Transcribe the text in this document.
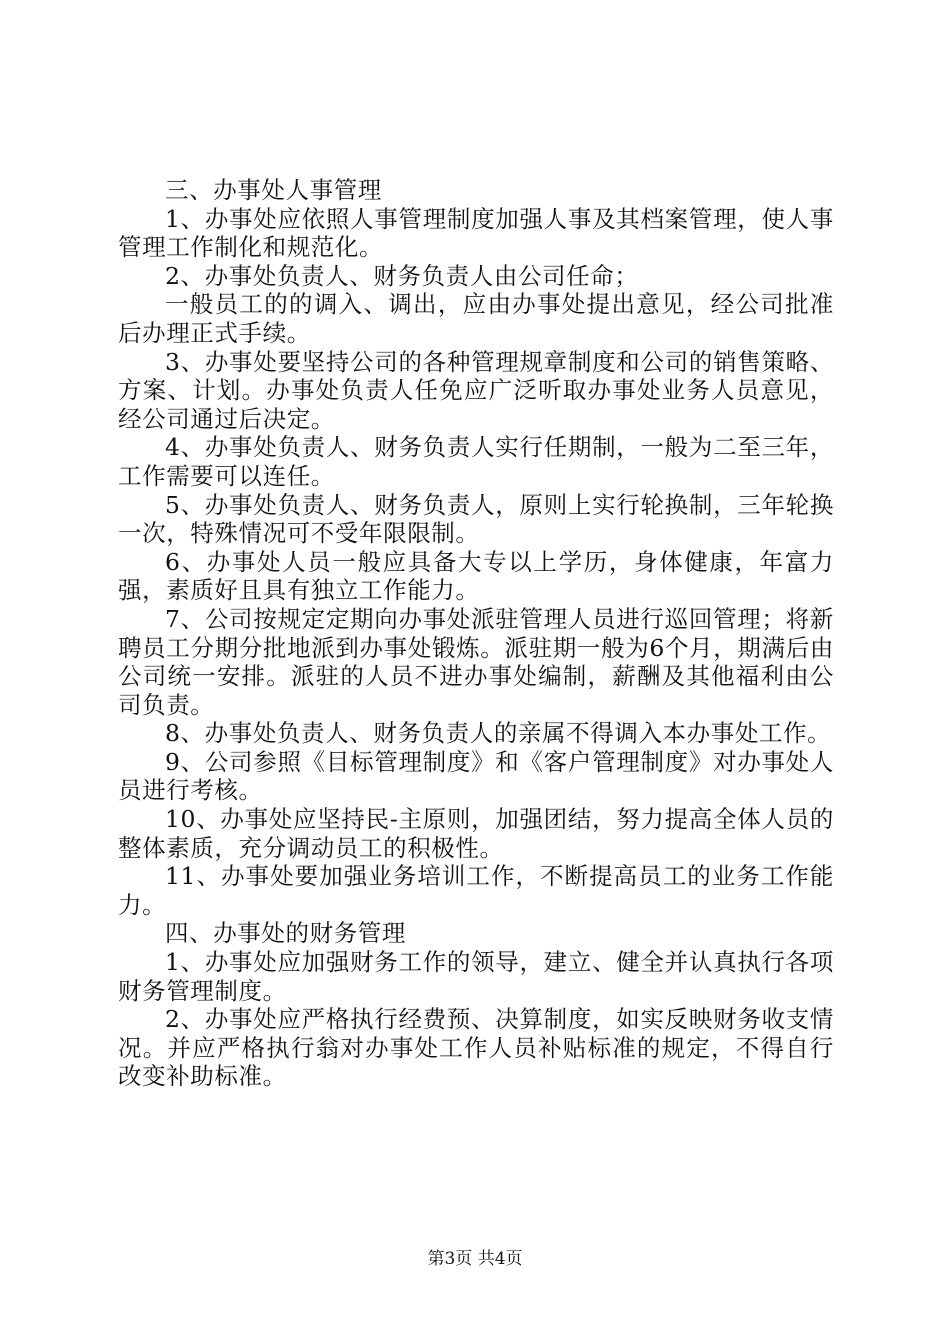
三、办事处人事管理

1、办事处应依照人事管理制度加强人事及其档案管理，使人事管理工作制化和规范化。

2、办事处负责人、财务负责人由公司任命；

一般员工的的调入、调出，应由办事处提出意见，经公司批准后办理正式手续。

3、办事处要坚持公司的各种管理规章制度和公司的销售策略、方案、计划。办事处负责人任免应广泛听取办事处业务人员意见，经公司通过后决定。

4、办事处负责人、财务负责人实行任期制，一般为二至三年，工作需要可以连任。

5、办事处负责人、财务负责人，原则上实行轮换制，三年轮换一次，特殊情况可不受年限限制。

6、办事处人员一般应具备大专以上学历，身体健康，年富力强，素质好且具有独立工作能力。

7、公司按规定定期向办事处派驻管理人员进行巡回管理；将新聘员工分期分批地派到办事处锻炼。派驻期一般为6个月，期满后由公司统一安排。派驻的人员不进办事处编制，薪酬及其他福利由公司负责。

8、办事处负责人、财务负责人的亲属不得调入本办事处工作。

9、公司参照《目标管理制度》和《客户管理制度》对办事处人员进行考核。

10、办事处应坚持民-主原则，加强团结，努力提高全体人员的整体素质，充分调动员工的积极性。

11、办事处要加强业务培训工作，不断提高员工的业务工作能力。

四、办事处的财务管理

1、办事处应加强财务工作的领导，建立、健全并认真执行各项财务管理制度。

2、办事处应严格执行经费预、决算制度，如实反映财务收支情况。并应严格执行翁对办事处工作人员补贴标准的规定，不得自行改变补助标准。

第3页 共4页
